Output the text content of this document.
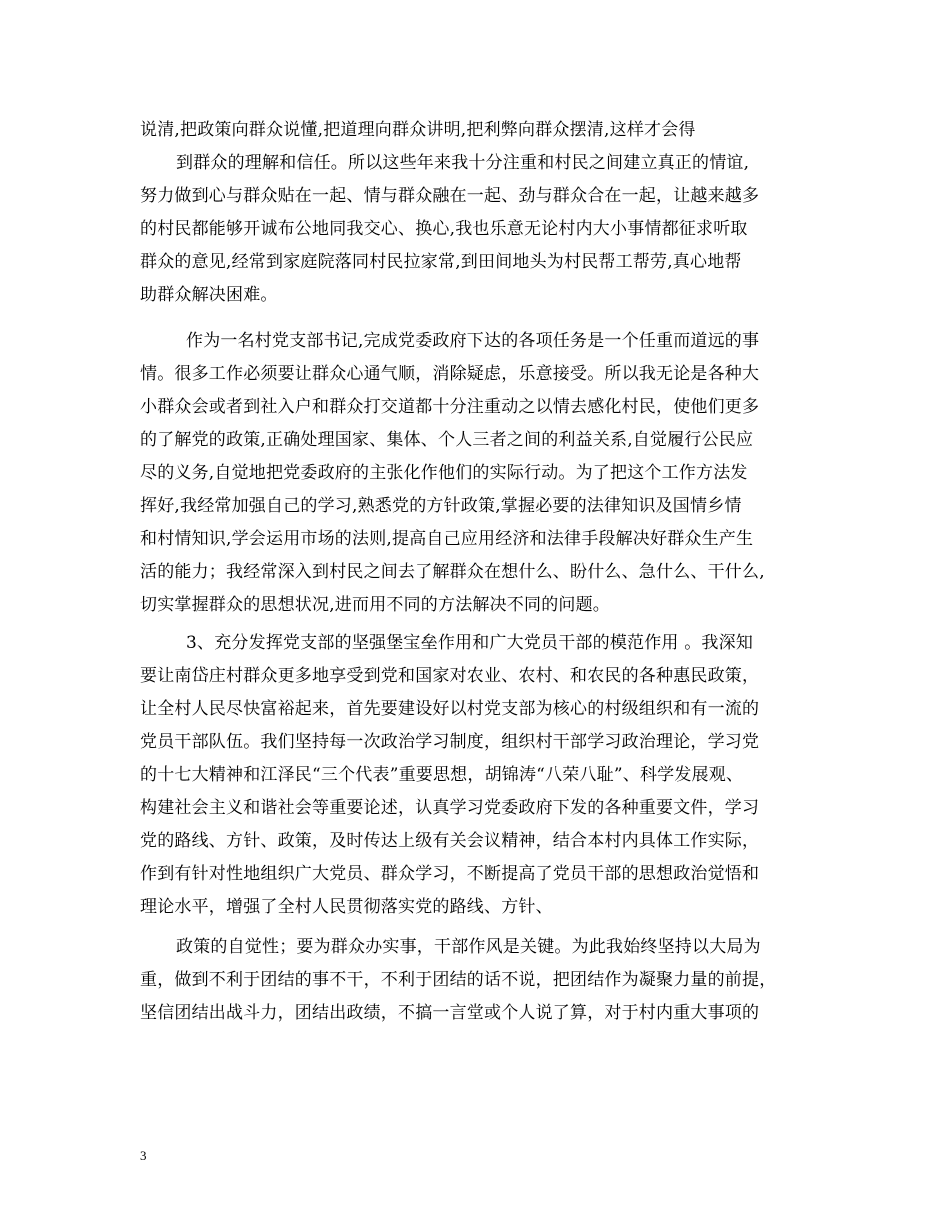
说清,把政策向群众说懂,把道理向群众讲明,把利弊向群众摆清,这样才会得
到群众的理解和信任。所以这些年来我十分注重和村民之间建立真正的情谊,
努力做到心与群众贴在一起、情与群众融在一起、劲与群众合在一起，让越来越多
的村民都能够开诚布公地同我交心、换心,我也乐意无论村内大小事情都征求听取
群众的意见,经常到家庭院落同村民拉家常,到田间地头为村民帮工帮劳,真心地帮
助群众解决困难。
作为一名村党支部书记,完成党委政府下达的各项任务是一个任重而道远的事
情。很多工作必须要让群众心通气顺，消除疑虑，乐意接受。所以我无论是各种大
小群众会或者到社入户和群众打交道都十分注重动之以情去感化村民，使他们更多
的了解党的政策,正确处理国家、集体、个人三者之间的利益关系,自觉履行公民应
尽的义务,自觉地把党委政府的主张化作他们的实际行动。为了把这个工作方法发
挥好,我经常加强自己的学习,熟悉党的方针政策,掌握必要的法律知识及国情乡情
和村情知识,学会运用市场的法则,提高自己应用经济和法律手段解决好群众生产生
活的能力；我经常深入到村民之间去了解群众在想什么、盼什么、急什么、干什么,
切实掌握群众的思想状况,进而用不同的方法解决不同的问题。
3、充分发挥党支部的坚强堡宝垒作用和广大党员干部的模范作用 。我深知
要让南岱庄村群众更多地享受到党和国家对农业、农村、和农民的各种惠民政策，
让全村人民尽快富裕起来，首先要建设好以村党支部为核心的村级组织和有一流的
党员干部队伍。我们坚持每一次政治学习制度，组织村干部学习政治理论，学习党
的十七大精神和江泽民“三个代表”重要思想，胡锦涛“八荣八耻”、科学发展观、
构建社会主义和谐社会等重要论述，认真学习党委政府下发的各种重要文件，学习
党的路线、方针、政策，及时传达上级有关会议精神，结合本村内具体工作实际，
作到有针对性地组织广大党员、群众学习，不断提高了党员干部的思想政治觉悟和
理论水平，增强了全村人民贯彻落实党的路线、方针、
政策的自觉性；要为群众办实事，干部作风是关键。为此我始终坚持以大局为
重，做到不利于团结的事不干，不利于团结的话不说，把团结作为凝聚力量的前提，
坚信团结出战斗力，团结出政绩，不搞一言堂或个人说了算，对于村内重大事项的
3
